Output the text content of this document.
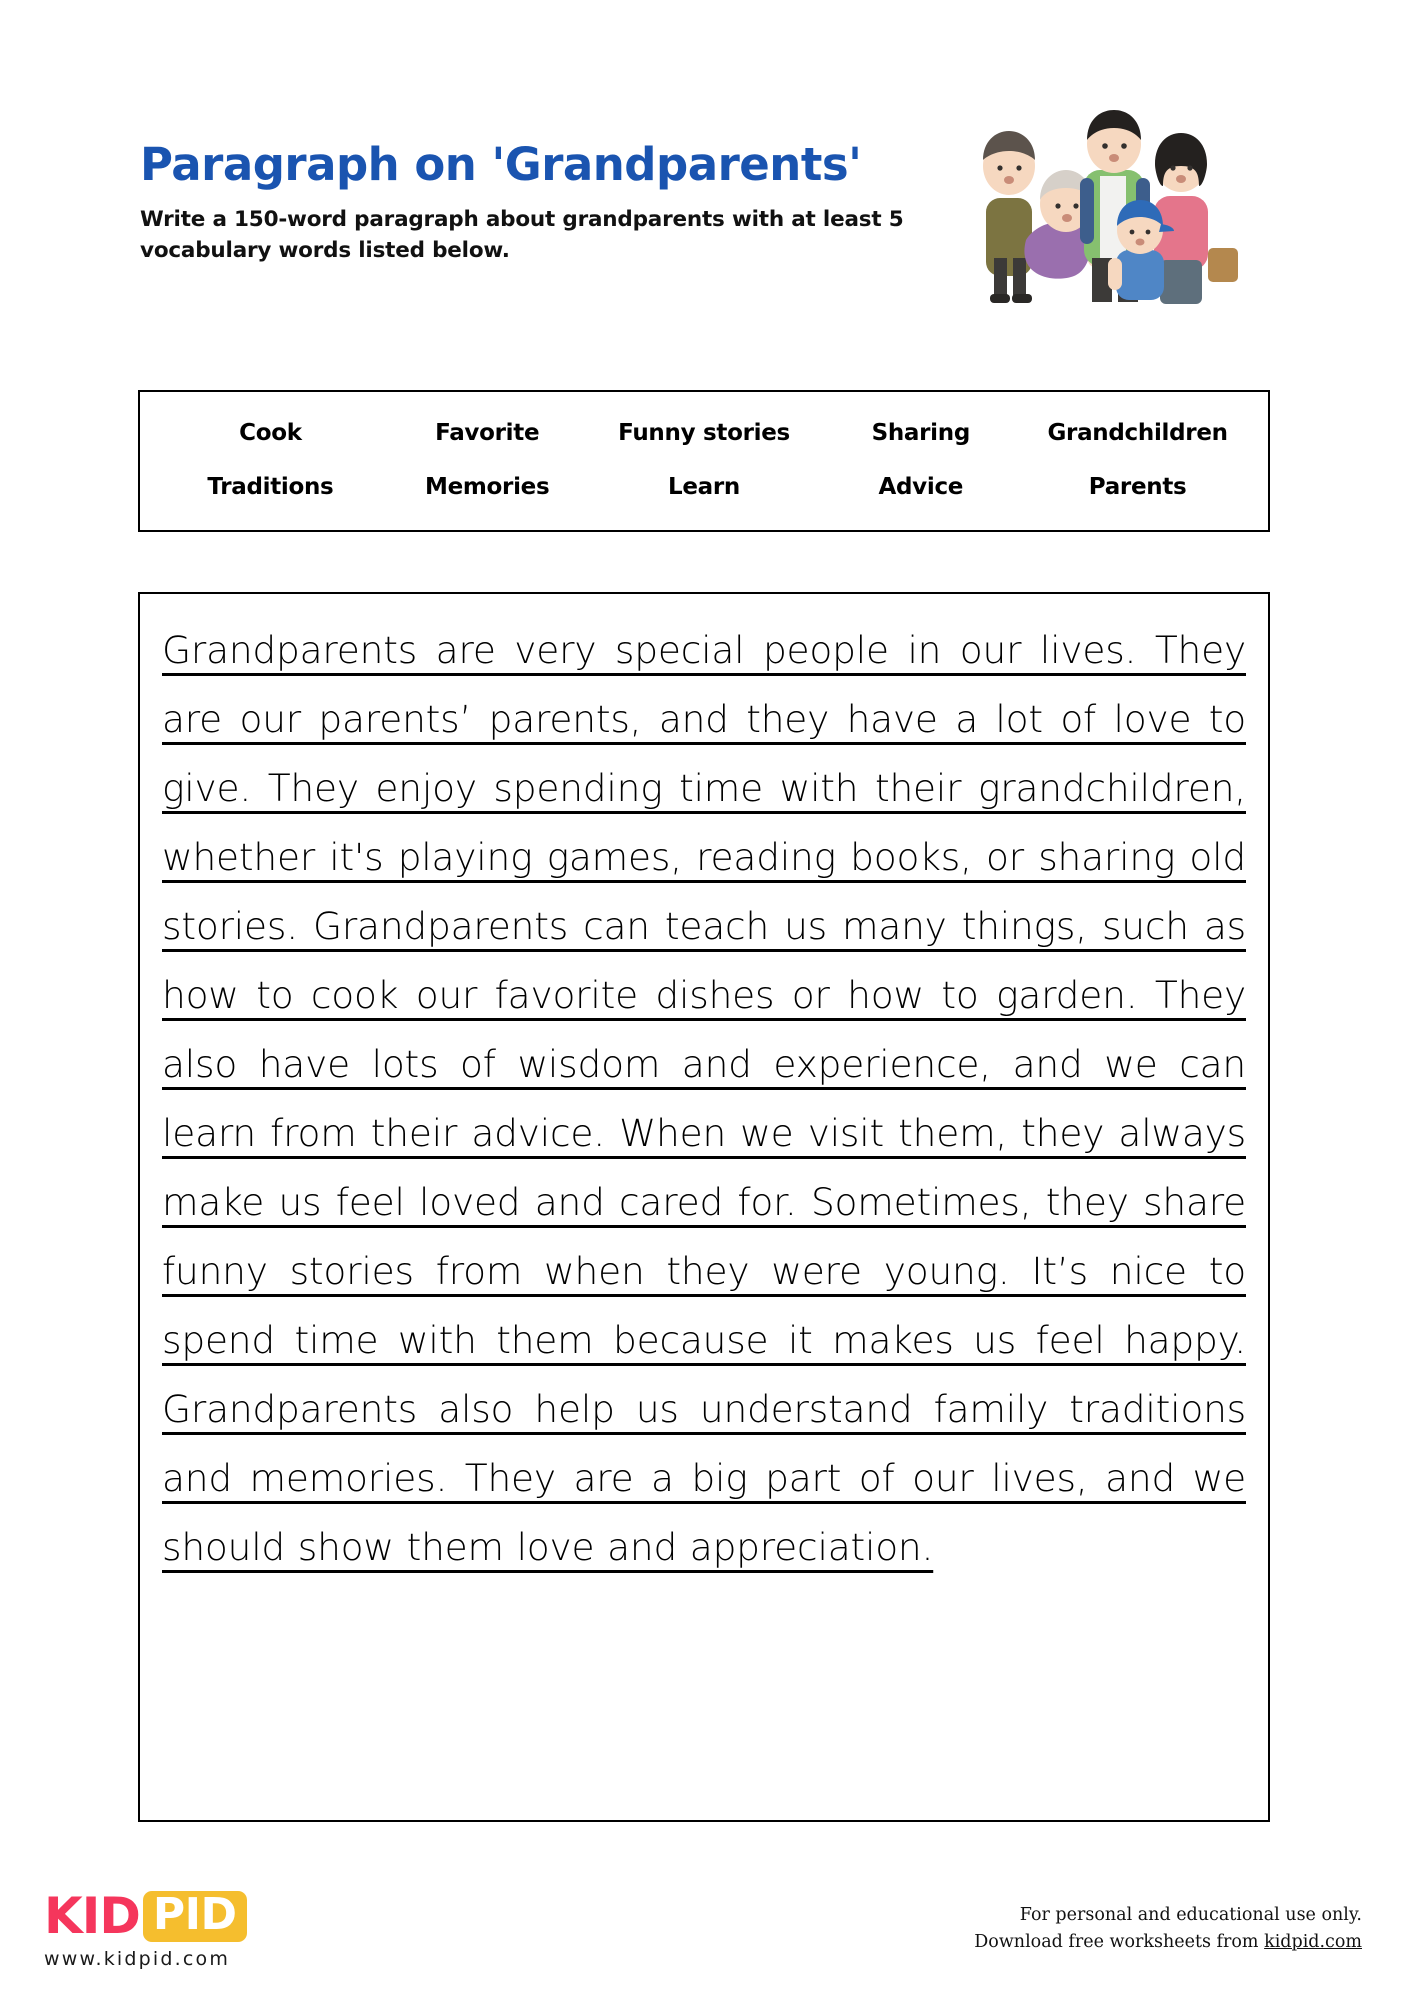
Paragraph on 'Grandparents'
Write a 150-word paragraph about grandparents with at least 5 vocabulary words listed below.
Cook	Favorite	Funny stories	Sharing	Grandchildren
Traditions	Memories	Learn	Advice	Parents
Grandparents are very special people in our lives. They are our parents’ parents, and they have a lot of love to give. They enjoy spending time with their grandchildren, whether it's playing games, reading books, or sharing old stories. Grandparents can teach us many things, such as how to cook our favorite dishes or how to garden. They also have lots of wisdom and experience, and we can learn from their advice. When we visit them, they always make us feel loved and cared for. Sometimes, they share funny stories from when they were young. It’s nice to spend time with them because it makes us feel happy. Grandparents also help us understand family traditions and memories. They are a big part of our lives, and we should show them love and appreciation.
KID PID
www.kidpid.com
For personal and educational use only.
Download free worksheets from kidpid.com
